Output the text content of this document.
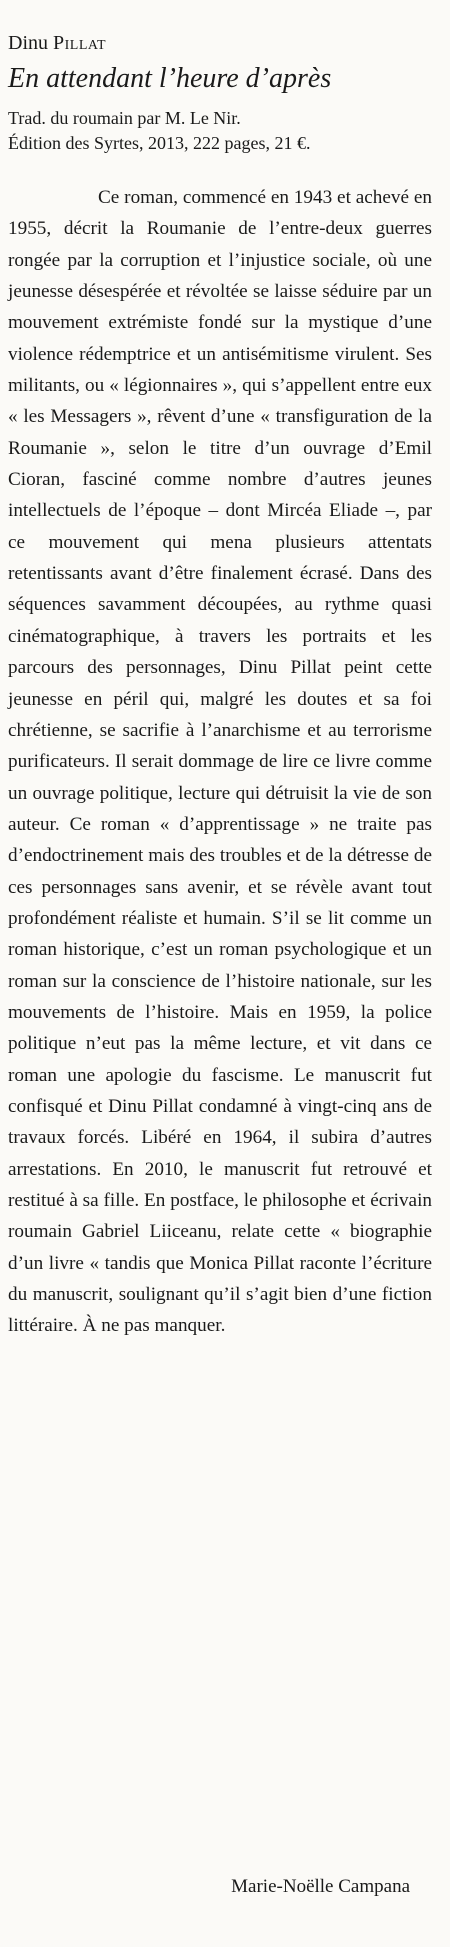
Dinu Pillat
En attendant l’heure d’après
Trad. du roumain par M. Le Nir.
Édition des Syrtes, 2013, 222 pages, 21 €.

Ce roman, commencé en 1943 et achevé en 1955, décrit la Roumanie de l’entre-deux guerres rongée par la corruption et l’injustice sociale, où une jeunesse désespérée et révoltée se laisse séduire par un mouvement extrémiste fondé sur la mystique d’une violence rédemptrice et un antisémitisme virulent. Ses militants, ou « légionnaires », qui s’appellent entre eux « les Messagers », rêvent d’une « transfiguration de la Roumanie », selon le titre d’un ouvrage d’Emil Cioran, fasciné comme nombre d’autres jeunes intellectuels de l’époque – dont Mircéa Eliade –, par ce mouvement qui mena plusieurs attentats retentissants avant d’être finalement écrasé. Dans des séquences savamment découpées, au rythme quasi cinématographique, à travers les portraits et les parcours des personnages, Dinu Pillat peint cette jeunesse en péril qui, malgré les doutes et sa foi chrétienne, se sacrifie à l’anarchisme et au terrorisme purificateurs. Il serait dommage de lire ce livre comme un ouvrage politique, lecture qui détruisit la vie de son auteur. Ce roman « d’apprentissage » ne traite pas d’endoctrinement mais des troubles et de la détresse de ces personnages sans avenir, et se révèle avant tout profondément réaliste et humain. S’il se lit comme un roman historique, c’est un roman psychologique et un roman sur la conscience de l’histoire nationale, sur les mouvements de l’histoire. Mais en 1959, la police politique n’eut pas la même lecture, et vit dans ce roman une apologie du fascisme. Le manuscrit fut confisqué et Dinu Pillat condamné à vingt-cinq ans de travaux forcés. Libéré en 1964, il subira d’autres arrestations. En 2010, le manuscrit fut retrouvé et restitué à sa fille. En postface, le philosophe et écrivain roumain Gabriel Liiceanu, relate cette « biographie d’un livre « tandis que Monica Pillat raconte l’écriture du manuscrit, soulignant qu’il s’agit bien d’une fiction littéraire. À ne pas manquer.

Marie-Noëlle Campana
